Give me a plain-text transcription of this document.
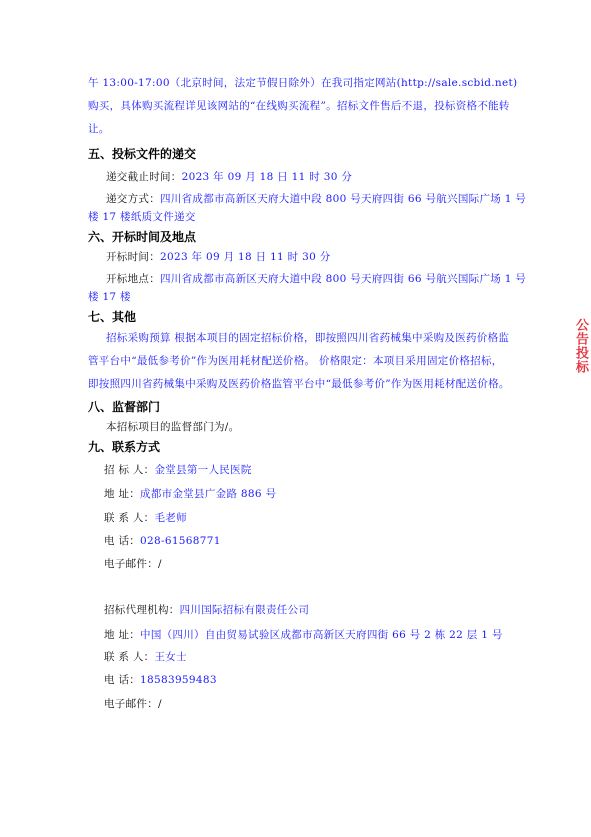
午 13:00-17:00（北京时间，法定节假日除外）在我司指定网站(http://sale.scbid.net)
购买，具体购买流程详见该网站的“在线购买流程”。招标文件售后不退，投标资格不能转
让。
五、投标文件的递交
递交截止时间：2023 年 09 月 18 日 11 时 30 分
递交方式：四川省成都市高新区天府大道中段 800 号天府四街 66 号航兴国际广场 1 号
楼 17 楼纸质文件递交
六、开标时间及地点
开标时间：2023 年 09 月 18 日 11 时 30 分
开标地点：四川省成都市高新区天府大道中段 800 号天府四街 66 号航兴国际广场 1 号
楼 17 楼
七、其他
招标采购预算 根据本项目的固定招标价格，即按照四川省药械集中采购及医药价格监
管平台中“最低参考价”作为医用耗材配送价格。 价格限定：本项目采用固定价格招标，
即按照四川省药械集中采购及医药价格监管平台中“最低参考价”作为医用耗材配送价格。
八、监督部门
本招标项目的监督部门为/。
九、联系方式
招 标 人：金堂县第一人民医院
地 址：成都市金堂县广金路 886 号
联 系 人：毛老师
电 话：028-61568771
电子邮件：/
招标代理机构：四川国际招标有限责任公司
地 址：中国（四川）自由贸易试验区成都市高新区天府四街 66 号 2 栋 22 层 1 号
联 系 人：王女士
电 话：18583959483
电子邮件：/
公告投标
